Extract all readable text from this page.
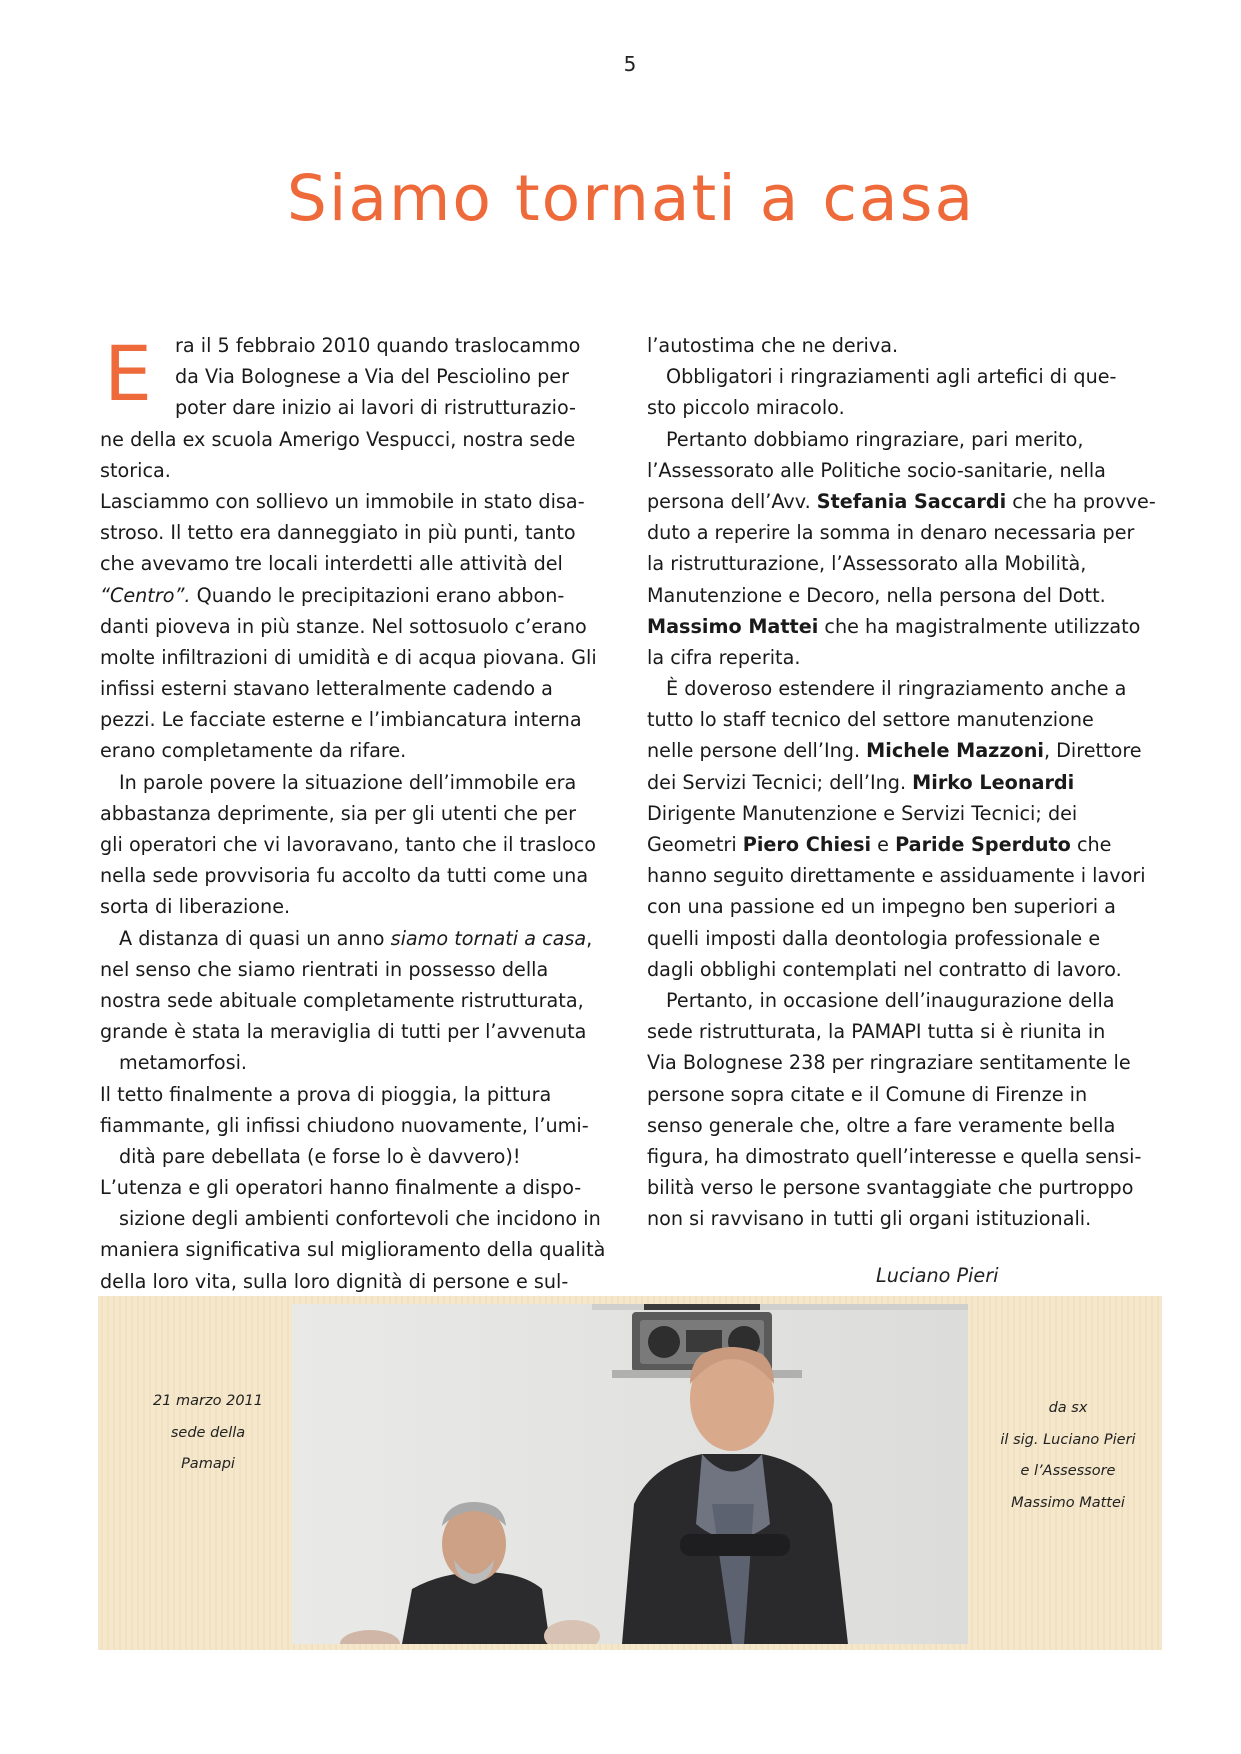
5
Siamo tornati a casa
E	ra il 5 febbraio 2010 quando traslocammo
da Via Bolognese a Via del Pesciolino per
poter dare inizio ai lavori di ristrutturazio-
ne della ex scuola Amerigo Vespucci, nostra sede
storica.
Lasciammo con sollievo un immobile in stato disa-
stroso. Il tetto era danneggiato in più punti, tanto
che avevamo tre locali interdetti alle attività del
“Centro”. Quando le precipitazioni erano abbon-
danti pioveva in più stanze. Nel sottosuolo c’erano
molte infiltrazioni di umidità e di acqua piovana. Gli
infissi esterni stavano letteralmente cadendo a
pezzi. Le facciate esterne e l’imbiancatura interna
erano completamente da rifare.
In parole povere la situazione dell’immobile era
abbastanza deprimente, sia per gli utenti che per
gli operatori che vi lavoravano, tanto che il trasloco
nella sede provvisoria fu accolto da tutti come una
sorta di liberazione.
A distanza di quasi un anno siamo tornati a casa,
nel senso che siamo rientrati in possesso della
nostra sede abituale completamente ristrutturata,
grande è stata la meraviglia di tutti per l’avvenuta
metamorfosi.
Il tetto finalmente a prova di pioggia, la pittura
fiammante, gli infissi chiudono nuovamente, l’umi-
dità pare debellata (e forse lo è davvero)!
L’utenza e gli operatori hanno finalmente a dispo-
sizione degli ambienti confortevoli che incidono in
maniera significativa sul miglioramento della qualità
della loro vita, sulla loro dignità di persone e sul-
l’autostima che ne deriva.
Obbligatori i ringraziamenti agli artefici di que-
sto piccolo miracolo.
Pertanto dobbiamo ringraziare, pari merito,
l’Assessorato alle Politiche socio-sanitarie, nella
persona dell’Avv. Stefania Saccardi che ha provve-
duto a reperire la somma in denaro necessaria per
la ristrutturazione, l’Assessorato alla Mobilità,
Manutenzione e Decoro, nella persona del Dott.
Massimo Mattei che ha magistralmente utilizzato
la cifra reperita.
È doveroso estendere il ringraziamento anche a
tutto lo staff tecnico del settore manutenzione
nelle persone dell’Ing. Michele Mazzoni, Direttore
dei Servizi Tecnici; dell’Ing. Mirko Leonardi
Dirigente Manutenzione e Servizi Tecnici; dei
Geometri Piero Chiesi e Paride Sperduto che
hanno seguito direttamente e assiduamente i lavori
con una passione ed un impegno ben superiori a
quelli imposti dalla deontologia professionale e
dagli obblighi contemplati nel contratto di lavoro.
Pertanto, in occasione dell’inaugurazione della
sede ristrutturata, la PAMAPI tutta si è riunita in
Via Bolognese 238 per ringraziare sentitamente le
persone sopra citate e il Comune di Firenze in
senso generale che, oltre a fare veramente bella
figura, ha dimostrato quell’interesse e quella sensi-
bilità verso le persone svantaggiate che purtroppo
non si ravvisano in tutti gli organi istituzionali.
Luciano Pieri
21 marzo 2011
sede della
Pamapi
da sx
il sig. Luciano Pieri
e l’Assessore
Massimo Mattei
